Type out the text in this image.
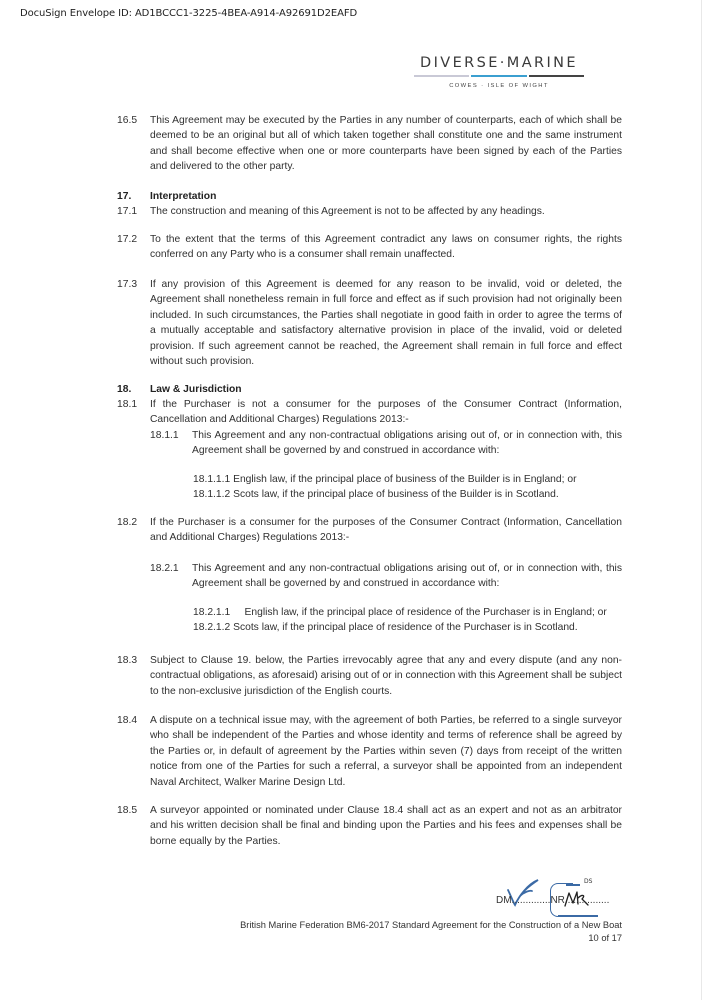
DocuSign Envelope ID: AD1BCCC1-3225-4BEA-A914-A92691D2EAFD
DIVERSE·MARINE
COWES · ISLE OF WIGHT
16.5 This Agreement may be executed by the Parties in any number of counterparts, each of which shall be deemed to be an original but all of which taken together shall constitute one and the same instrument and shall become effective when one or more counterparts have been signed by each of the Parties and delivered to the other party.
17. Interpretation
17.1 The construction and meaning of this Agreement is not to be affected by any headings.
17.2 To the extent that the terms of this Agreement contradict any laws on consumer rights, the rights conferred on any Party who is a consumer shall remain unaffected.
17.3 If any provision of this Agreement is deemed for any reason to be invalid, void or deleted, the Agreement shall nonetheless remain in full force and effect as if such provision had not originally been included. In such circumstances, the Parties shall negotiate in good faith in order to agree the terms of a mutually acceptable and satisfactory alternative provision in place of the invalid, void or deleted provision. If such agreement cannot be reached, the Agreement shall remain in full force and effect without such provision.
18. Law & Jurisdiction
18.1 If the Purchaser is not a consumer for the purposes of the Consumer Contract (Information, Cancellation and Additional Charges) Regulations 2013:-
18.1.1 This Agreement and any non-contractual obligations arising out of, or in connection with, this Agreement shall be governed by and construed in accordance with:
18.1.1.1 English law, if the principal place of business of the Builder is in England; or
18.1.1.2 Scots law, if the principal place of business of the Builder is in Scotland.
18.2 If the Purchaser is a consumer for the purposes of the Consumer Contract (Information, Cancellation and Additional Charges) Regulations 2013:-
18.2.1 This Agreement and any non-contractual obligations arising out of, or in connection with, this Agreement shall be governed by and construed in accordance with:
18.2.1.1     English law, if the principal place of residence of the Purchaser is in England; or
18.2.1.2 Scots law, if the principal place of residence of the Purchaser is in Scotland.
18.3 Subject to Clause 19. below, the Parties irrevocably agree that any and every dispute (and any non-contractual obligations, as aforesaid) arising out of or in connection with this Agreement shall be subject to the non-exclusive jurisdiction of the English courts.
18.4 A dispute on a technical issue may, with the agreement of both Parties, be referred to a single surveyor who shall be independent of the Parties and whose identity and terms of reference shall be agreed by the Parties or, in default of agreement by the Parties within seven (7) days from receipt of the written notice from one of the Parties for such a referral, a surveyor shall be appointed from an independent Naval Architect, Walker Marine Design Ltd.
18.5 A surveyor appointed or nominated under Clause 18.4 shall act as an expert and not as an arbitrator and his written decision shall be final and binding upon the Parties and his fees and expenses shall be borne equally by the Parties.
DM..............NR................
DS
British Marine Federation BM6-2017 Standard Agreement for the Construction of a New Boat
10 of 17
